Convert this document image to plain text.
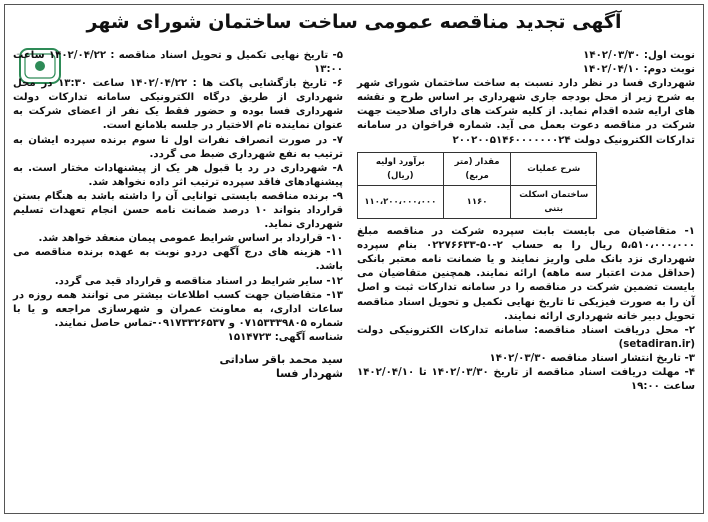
آگهی تجدید مناقصه عمومی ساخت ساختمان شورای شهر

نوبت اول: ۱۴۰۲/۰۳/۳۰

نوبت دوم: ۱۴۰۲/۰۴/۱۰

شهرداری فسا در نظر دارد نسبت به ساخت ساختمان شورای شهر به شرح زیر از محل بودجه جاری شهرداری بر اساس طرح و نقشه های ارایه شده اقدام نماید. از کلیه شرکت های دارای صلاحیت جهت شرکت در مناقصه دعوت بعمل می آید. شماره فراخوان در سامانه تدارکات الکترونیک دولت ۲۰۰۲۰۰۵۱۴۶۰۰۰۰۰۰۰۲۴

شرح عملیات	مقدار (متر مربع)	برآورد اولیه (ریال)
ساختمان اسکلت بتنی	۱۱۶۰	۱۱۰،۲۰۰،۰۰۰،۰۰۰

۱- متقاضیان می بایست بابت سپرده شرکت در مناقصه مبلغ ۵،۵۱۰،۰۰۰،۰۰۰ ریال را به حساب ۲-۵۰-۰۲۲۷۶۶۳۳ بنام سپرده شهرداری نزد بانک ملی واریز نمایند و یا ضمانت نامه معتبر بانکی (حداقل مدت اعتبار سه ماهه) ارائه نمایند. همچنین متقاضیان می بایست تضمین شرکت در مناقصه را در سامانه تدارکات ثبت و اصل آن را به صورت فیزیکی تا تاریخ نهایی تکمیل و تحویل اسناد مناقصه تحویل دبیر خانه شهرداری ارائه نمایند.

۲- محل دریافت اسناد مناقصه: سامانه تدارکات الکترونیکی دولت (setadiran.ir)

۳- تاریخ انتشار اسناد مناقصه ۱۴۰۲/۰۳/۳۰

۴- مهلت دریافت اسناد مناقصه از تاریخ ۱۴۰۲/۰۳/۳۰ تا ۱۴۰۲/۰۴/۱۰ ساعت ۱۹:۰۰

۵- تاریخ نهایی تکمیل و تحویل اسناد مناقصه : ۱۴۰۲/۰۴/۲۲ ساعت ۱۳:۰۰

۶- تاریخ بازگشایی پاکت ها : ۱۴۰۲/۰۴/۲۲ ساعت ۱۳:۳۰ در محل شهرداری از طریق درگاه الکترونیکی سامانه تدارکات دولت شهرداری فسا بوده و حضور فقط یک نفر از اعضای شرکت به عنوان نماینده تام الاختیار در جلسه بلامانع است.

۷- در صورت انصراف نفرات اول تا سوم برنده سپرده ایشان به ترتیب به نفع شهرداری ضبط می گردد.

۸- شهرداری در رد یا قبول هر یک از پیشنهادات مختار است. به پیشنهادهای فاقد سپرده ترتیب اثر داده نخواهد شد.

۹- برنده مناقصه بایستی توانایی آن را داشته باشد به هنگام بستن قرارداد بتواند ۱۰ درصد ضمانت نامه حسن انجام تعهدات تسلیم شهرداری نماید.

۱۰- قرارداد بر اساس شرایط عمومی پیمان منعقد خواهد شد.

۱۱- هزینه های درج آگهی دردو نوبت به عهده برنده مناقصه می باشد.

۱۲- سایر شرایط در اسناد مناقصه و قرارداد قید می گردد.

۱۳- متقاضیان جهت کسب اطلاعات بیشتر می توانند همه روزه در ساعات اداری، به معاونت عمران و شهرسازی مراجعه و یا با شماره ۰۷۱۵۳۳۳۹۸۰۵ و ۰۹۱۷۳۳۲۶۵۳۷-تماس حاصل نمایند.

شناسه آگهی: ۱۵۱۴۷۲۳

سید محمد باقر ساداتی
شهردار فسا
